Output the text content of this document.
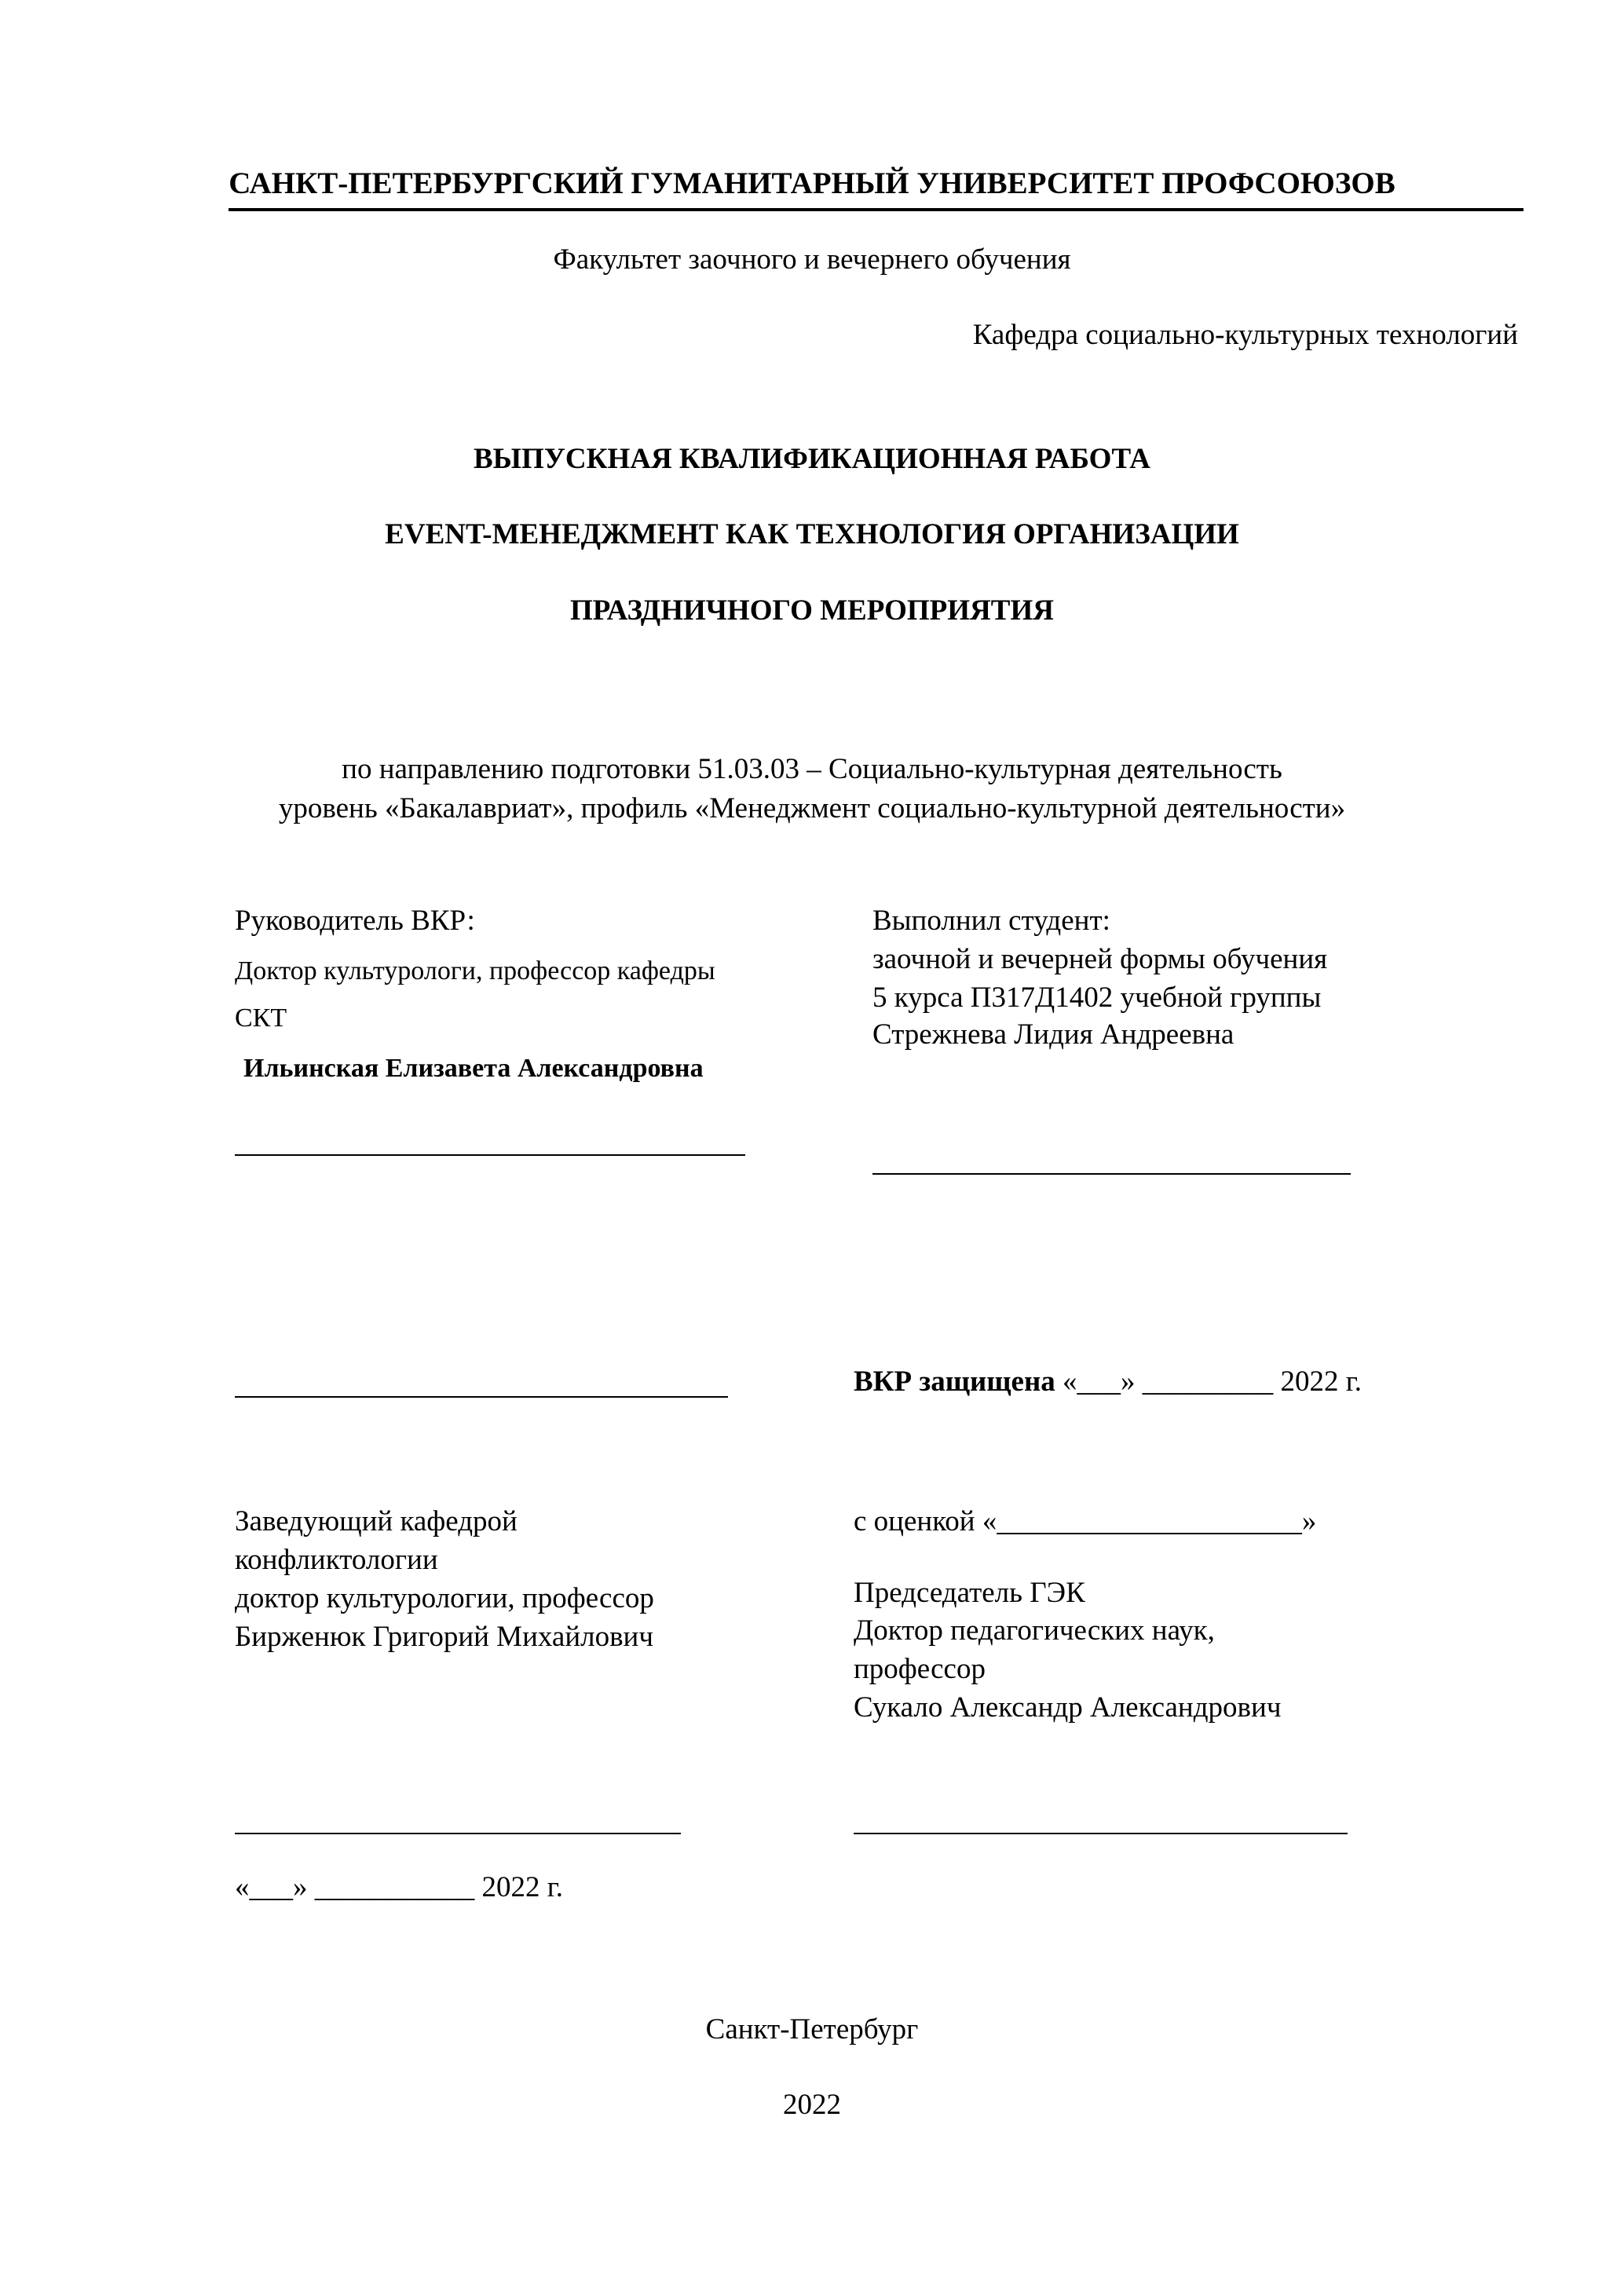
САНКТ-ПЕТЕРБУРГСКИЙ ГУМАНИТАРНЫЙ УНИВЕРСИТЕТ ПРОФСОЮЗОВ
Факультет заочного и вечернего обучения
Кафедра социально-культурных технологий
ВЫПУСКНАЯ КВАЛИФИКАЦИОННАЯ РАБОТА
EVENT-МЕНЕДЖМЕНТ КАК ТЕХНОЛОГИЯ ОРГАНИЗАЦИИ
ПРАЗДНИЧНОГО МЕРОПРИЯТИЯ
по направлению подготовки 51.03.03 – Социально-культурная деятельность
уровень «Бакалавриат», профиль «Менеджмент социально-культурной деятельности»
Руководитель ВКР:
Доктор культурологи, профессор кафедры
СКТ
Ильинская Елизавета Александровна
Выполнил студент:
заочной и вечерней формы обучения
5 курса П317Д1402 учебной группы
Стрежнева Лидия Андреевна
ВКР защищена «___» _________ 2022 г.
Заведующий кафедрой
конфликтологии
доктор культурологии, профессор
Бирженюк Григорий Михайлович
с оценкой «_____________________»
Председатель ГЭК
Доктор педагогических наук,
профессор
Сукало Александр Александрович
«___» ___________ 2022 г.
Санкт-Петербург
2022
